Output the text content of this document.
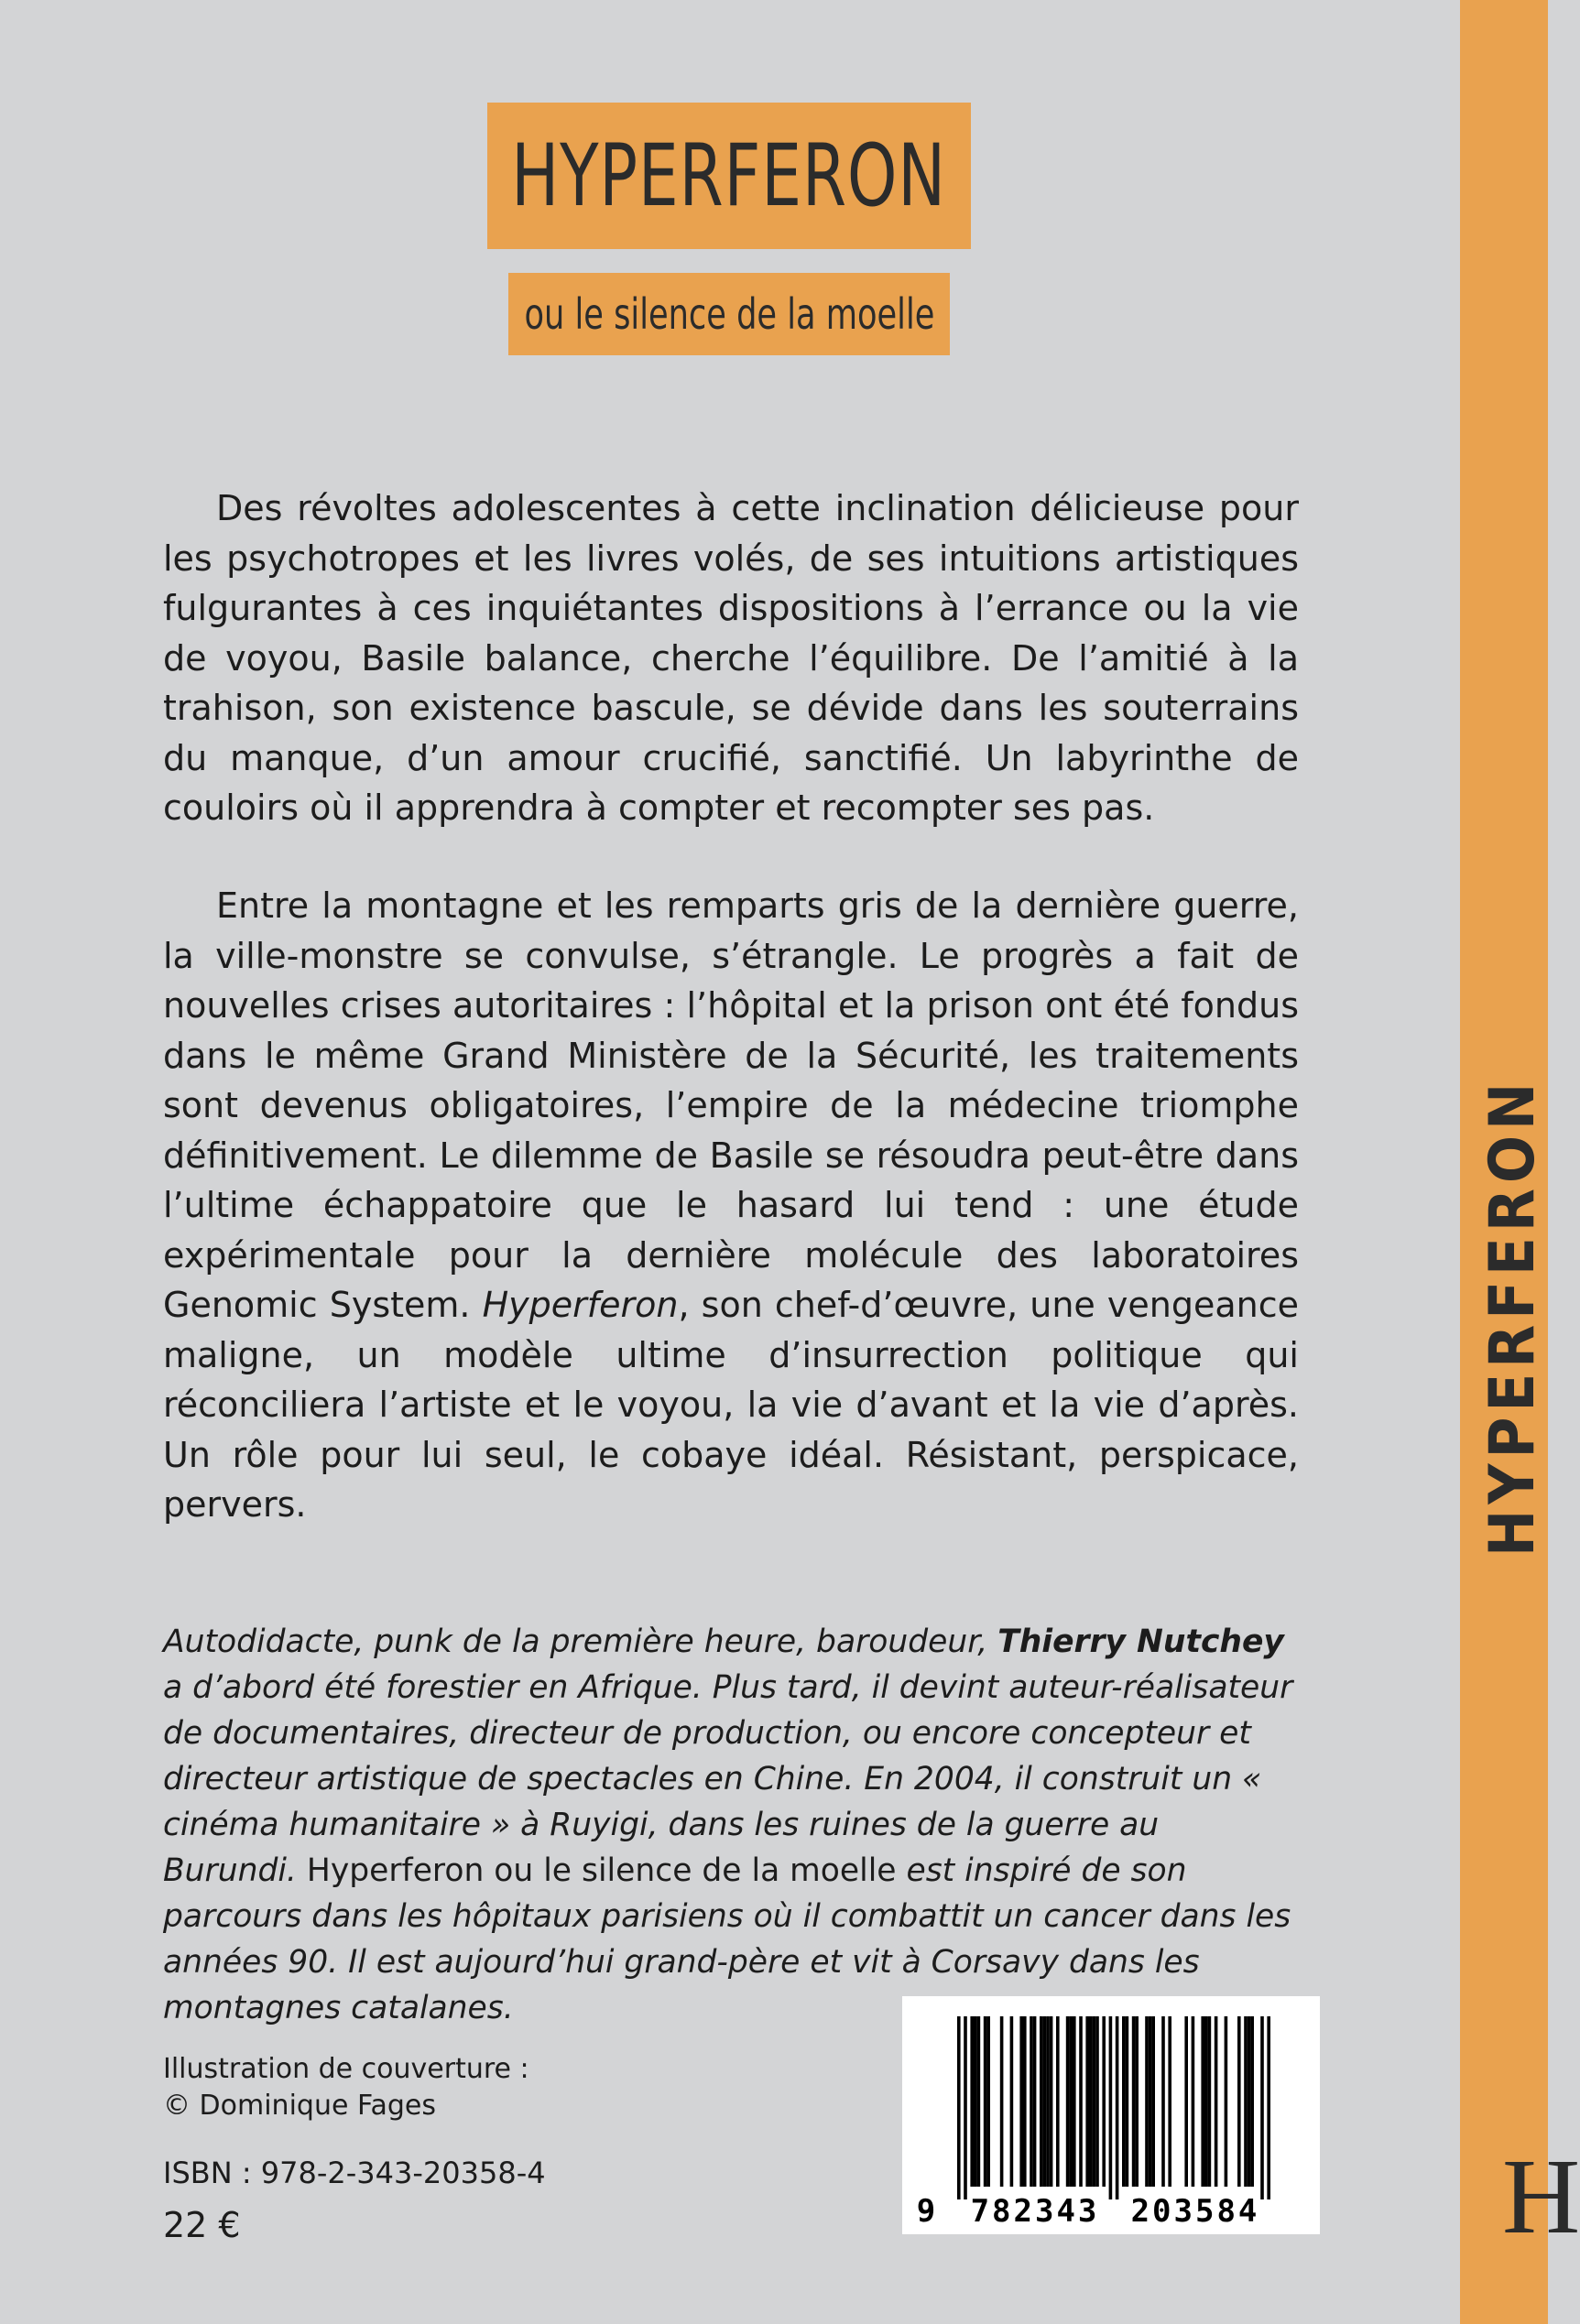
HYPERFERON
H
HYPERFERON
ou le silence de la moelle

Des révoltes adolescentes à cette inclination délicieuse pour les psychotropes et les livres volés, de ses intuitions artistiques fulgurantes à ces inquiétantes dispositions à l’errance ou la vie de voyou, Basile balance, cherche l’équilibre. De l’amitié à la trahison, son existence bascule, se dévide dans les souterrains du manque, d’un amour crucifié, sanctifié. Un labyrinthe de couloirs où il apprendra à compter et recompter ses pas.

Entre la montagne et les remparts gris de la dernière guerre, la ville-monstre se convulse, s’étrangle. Le progrès a fait de nouvelles crises autoritaires : l’hôpital et la prison ont été fondus dans le même Grand Ministère de la Sécurité, les traitements sont devenus obligatoires, l’empire de la médecine triomphe définitivement. Le dilemme de Basile se résoudra peut-être dans l’ultime échappatoire que le hasard lui tend : une étude expérimentale pour la dernière molécule des laboratoires Genomic System. Hyperferon, son chef-d’œuvre, une vengeance maligne, un modèle ultime d’insurrection politique qui réconciliera l’artiste et le voyou, la vie d’avant et la vie d’après. Un rôle pour lui seul, le cobaye idéal. Résistant, perspicace, pervers.

Autodidacte, punk de la première heure, baroudeur, Thierry Nutchey a d’abord été forestier en Afrique. Plus tard, il devint auteur-réalisateur de documentaires, directeur de production, ou encore concepteur et directeur artistique de spectacles en Chine. En 2004, il construit un « cinéma humanitaire » à Ruyigi, dans les ruines de la guerre au Burundi. Hyperferon ou le silence de la moelle est inspiré de son parcours dans les hôpitaux parisiens où il combattit un cancer dans les années 90. Il est aujourd’hui grand-père et vit à Corsavy dans les montagnes catalanes.

Illustration de couverture :
© Dominique Fages
ISBN : 978-2-343-20358-4
22 €	9 782343 203584
